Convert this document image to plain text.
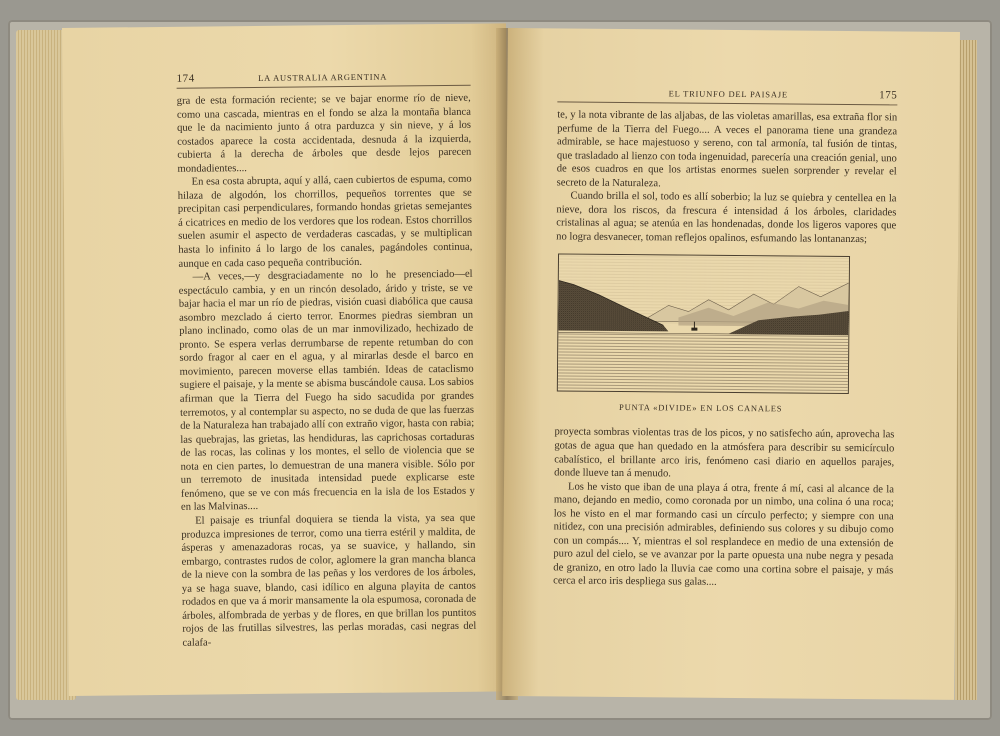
174	LA AUSTRALIA ARGENTINA

gra de esta formación reciente; se ve bajar enorme río de nieve, como una cascada, mientras en el fondo se alza la montaña blanca que le da nacimiento junto á otra parduzca y sin nieve, y á los costados aparece la costa accidentada, desnuda á la izquierda, cubierta á la derecha de árboles que desde lejos parecen mondadientes....

En esa costa abrupta, aquí y allá, caen cubiertos de espuma, como hilaza de algodón, los chorrillos, pequeños torrentes que se precipitan casi perpendiculares, formando hondas grietas semejantes á cicatrices en medio de los verdores que los rodean. Estos chorrillos suelen asumir el aspecto de verdaderas cascadas, y se multiplican hasta lo infinito á lo largo de los canales, pagándoles continua, aunque en cada caso pequeña contribución.

—A veces,—y desgraciadamente no lo he presenciado—el espectáculo cambia, y en un rincón desolado, árido y triste, se ve bajar hacia el mar un río de piedras, visión cuasi diabólica que causa asombro mezclado á cierto terror. Enormes piedras siembran un plano inclinado, como olas de un mar inmovilizado, hechizado de pronto. Se espera verlas derrumbarse de repente retumban do con sordo fragor al caer en el agua, y al mirarlas desde el barco en movimiento, parecen moverse ellas también. Ideas de cataclismo sugiere el paisaje, y la mente se abisma buscándole causa. Los sabios afirman que la Tierra del Fuego ha sido sacudida por grandes terremotos, y al contemplar su aspecto, no se duda de que las fuerzas de la Naturaleza han trabajado allí con extraño vigor, hasta con rabia; las quebrajas, las grietas, las hendiduras, las caprichosas cortaduras de las rocas, las colinas y los montes, el sello de violencia que se nota en cien partes, lo demuestran de una manera visible. Sólo por un terremoto de inusitada intensidad puede explicarse este fenómeno, que se ve con más frecuencia en la isla de los Estados y en las Malvinas....

El paisaje es triunfal doquiera se tienda la vista, ya sea que produzca impresiones de terror, como una tierra estéril y maldita, de ásperas y amenazadoras rocas, ya se suavice, y hallando, sin embargo, contrastes rudos de color, aglomere la gran mancha blanca de la nieve con la sombra de las peñas y los verdores de los árboles, ya se haga suave, blando, casi idílico en alguna playita de cantos rodados en que va á morir mansamente la ola espumosa, coronada de árboles, alfombrada de yerbas y de flores, en que brillan los puntitos rojos de las frutillas silvestres, las perlas moradas, casi negras del calafa-

EL TRIUNFO DEL PAISAJE	175

te, y la nota vibrante de las aljabas, de las violetas amarillas, esa extraña flor sin perfume de la Tierra del Fuego.... A veces el panorama tiene una grandeza admirable, se hace majestuoso y sereno, con tal armonía, tal fusión de tintas, que trasladado al lienzo con toda ingenuidad, parecería una creación genial, uno de esos cuadros en que los artistas enormes suelen sorprender y revelar el secreto de la Naturaleza.

Cuando brilla el sol, todo es allí soberbio; la luz se quiebra y centellea en la nieve, dora los riscos, da frescura é intensidad á los árboles, claridades cristalinas al agua; se atenúa en las hondenadas, donde los ligeros vapores que no logra desvanecer, toman reflejos opalinos, esfumando las lontananzas;

PUNTA «DIVIDE» EN LOS CANALES

proyecta sombras violentas tras de los picos, y no satisfecho aún, aprovecha las gotas de agua que han quedado en la atmósfera para describir su semicírculo cabalístico, el brillante arco iris, fenómeno casi diario en aquellos parajes, donde llueve tan á menudo.

Los he visto que iban de una playa á otra, frente á mí, casi al alcance de la mano, dejando en medio, como coronada por un nimbo, una colina ó una roca; los he visto en el mar formando casi un círculo perfecto; y siempre con una nitidez, con una precisión admirables, definiendo sus colores y su dibujo como con un compás.... Y, mientras el sol resplandece en medio de una extensión de puro azul del cielo, se ve avanzar por la parte opuesta una nube negra y pesada de granizo, en otro lado la lluvia cae como una cortina sobre el paisaje, y más cerca el arco iris despliega sus galas....
